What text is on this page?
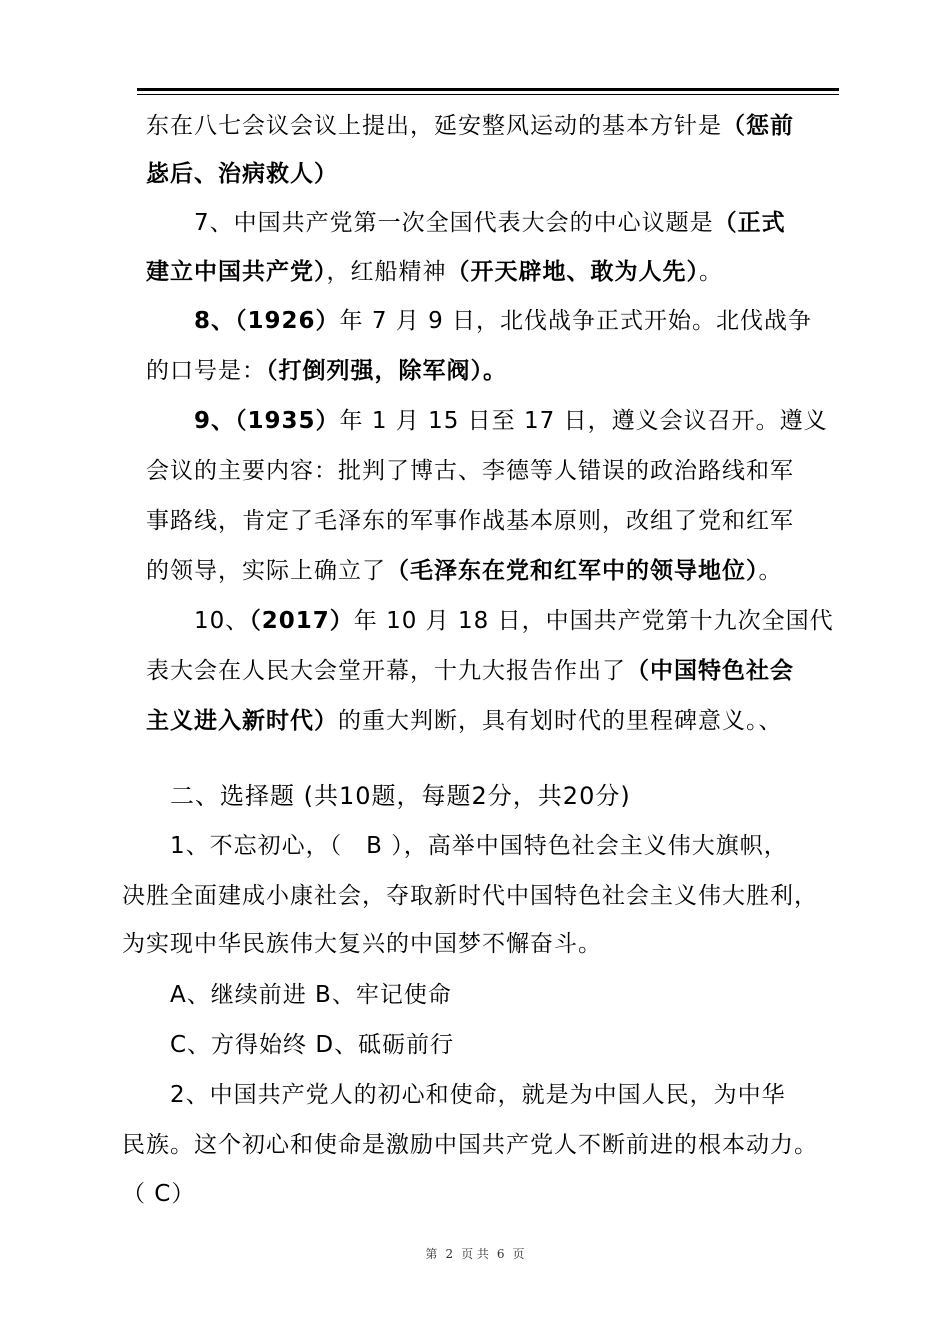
东在八七会议会议上提出，延安整风运动的基本方针是（惩前
毖后、治病救人）
7、中国共产党第一次全国代表大会的中心议题是（正式
建立中国共产党），红船精神（开天辟地、敢为人先）。
8、（1926）年 7 月 9 日，北伐战争正式开始。北伐战争
的口号是：（打倒列强，除军阀）。
9、（1935）年 1 月 15 日至 17 日，遵义会议召开。遵义
会议的主要内容：批判了博古、李德等人错误的政治路线和军
事路线，肯定了毛泽东的军事作战基本原则，改组了党和红军
的领导，实际上确立了（毛泽东在党和红军中的领导地位）。
10、（2017）年 10 月 18 日，中国共产党第十九次全国代
表大会在人民大会堂开幕，十九大报告作出了（中国特色社会
主义进入新时代）的重大判断，具有划时代的里程碑意义。、
二、选择题 (共10题，每题2分，共20分)
1、不忘初心，（　B ），高举中国特色社会主义伟大旗帜，
决胜全面建成小康社会，夺取新时代中国特色社会主义伟大胜利，
为实现中华民族伟大复兴的中国梦不懈奋斗。
A、继续前进 B、牢记使命
C、方得始终 D、砥砺前行
2、中国共产党人的初心和使命，就是为中国人民，为中华
民族。这个初心和使命是激励中国共产党人不断前进的根本动力。
（ C）
第 2 页 共 6 页
